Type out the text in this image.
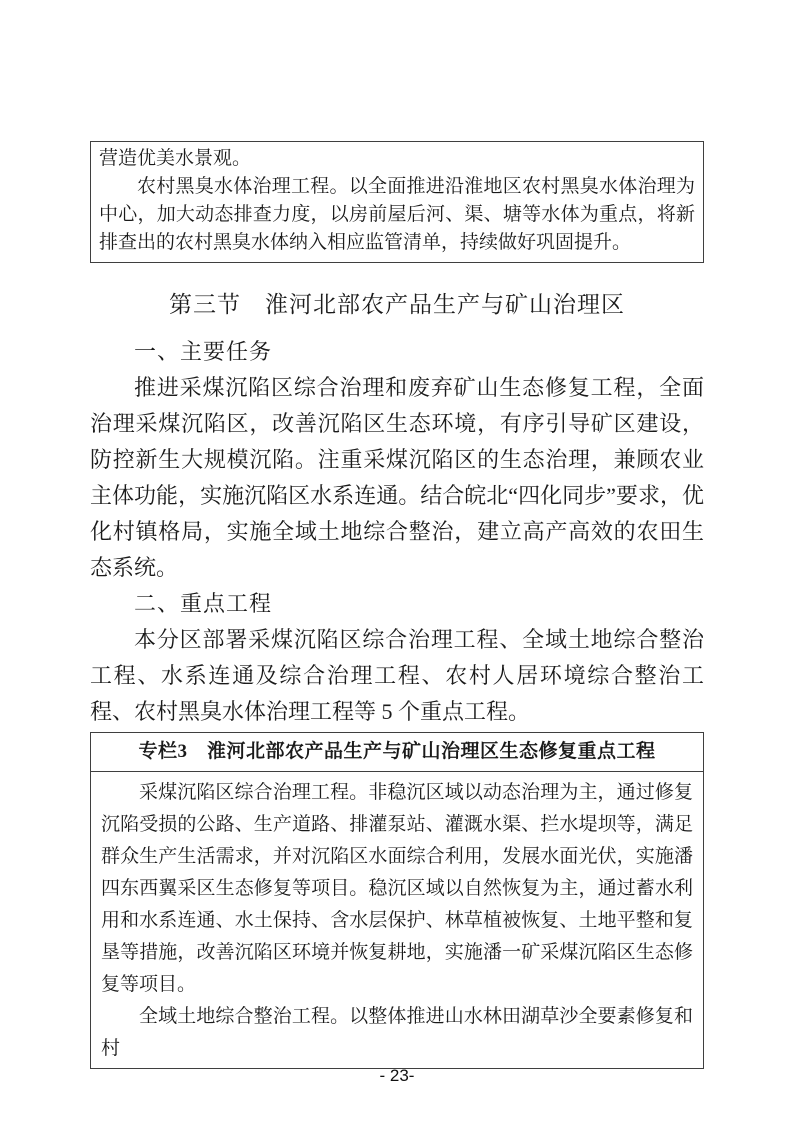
营造优美水景观。

农村黑臭水体治理工程。以全面推进沿淮地区农村黑臭水体治理为中心，加大动态排查力度，以房前屋后河、渠、塘等水体为重点，将新排查出的农村黑臭水体纳入相应监管清单，持续做好巩固提升。

第三节　淮河北部农产品生产与矿山治理区

一、主要任务

推进采煤沉陷区综合治理和废弃矿山生态修复工程，全面治理采煤沉陷区，改善沉陷区生态环境，有序引导矿区建设，防控新生大规模沉陷。注重采煤沉陷区的生态治理，兼顾农业主体功能，实施沉陷区水系连通。结合皖北“四化同步”要求，优化村镇格局，实施全域土地综合整治，建立高产高效的农田生态系统。

二、重点工程

本分区部署采煤沉陷区综合治理工程、全域土地综合整治工程、水系连通及综合治理工程、农村人居环境综合整治工程、农村黑臭水体治理工程等 5 个重点工程。

专栏3　淮河北部农产品生产与矿山治理区生态修复重点工程

采煤沉陷区综合治理工程。非稳沉区域以动态治理为主，通过修复沉陷受损的公路、生产道路、排灌泵站、灌溉水渠、拦水堤坝等，满足群众生产生活需求，并对沉陷区水面综合利用，发展水面光伏，实施潘四东西翼采区生态修复等项目。稳沉区域以自然恢复为主，通过蓄水利用和水系连通、水土保持、含水层保护、林草植被恢复、土地平整和复垦等措施，改善沉陷区环境并恢复耕地，实施潘一矿采煤沉陷区生态修复等项目。

全域土地综合整治工程。以整体推进山水林田湖草沙全要素修复和村

- 23-
